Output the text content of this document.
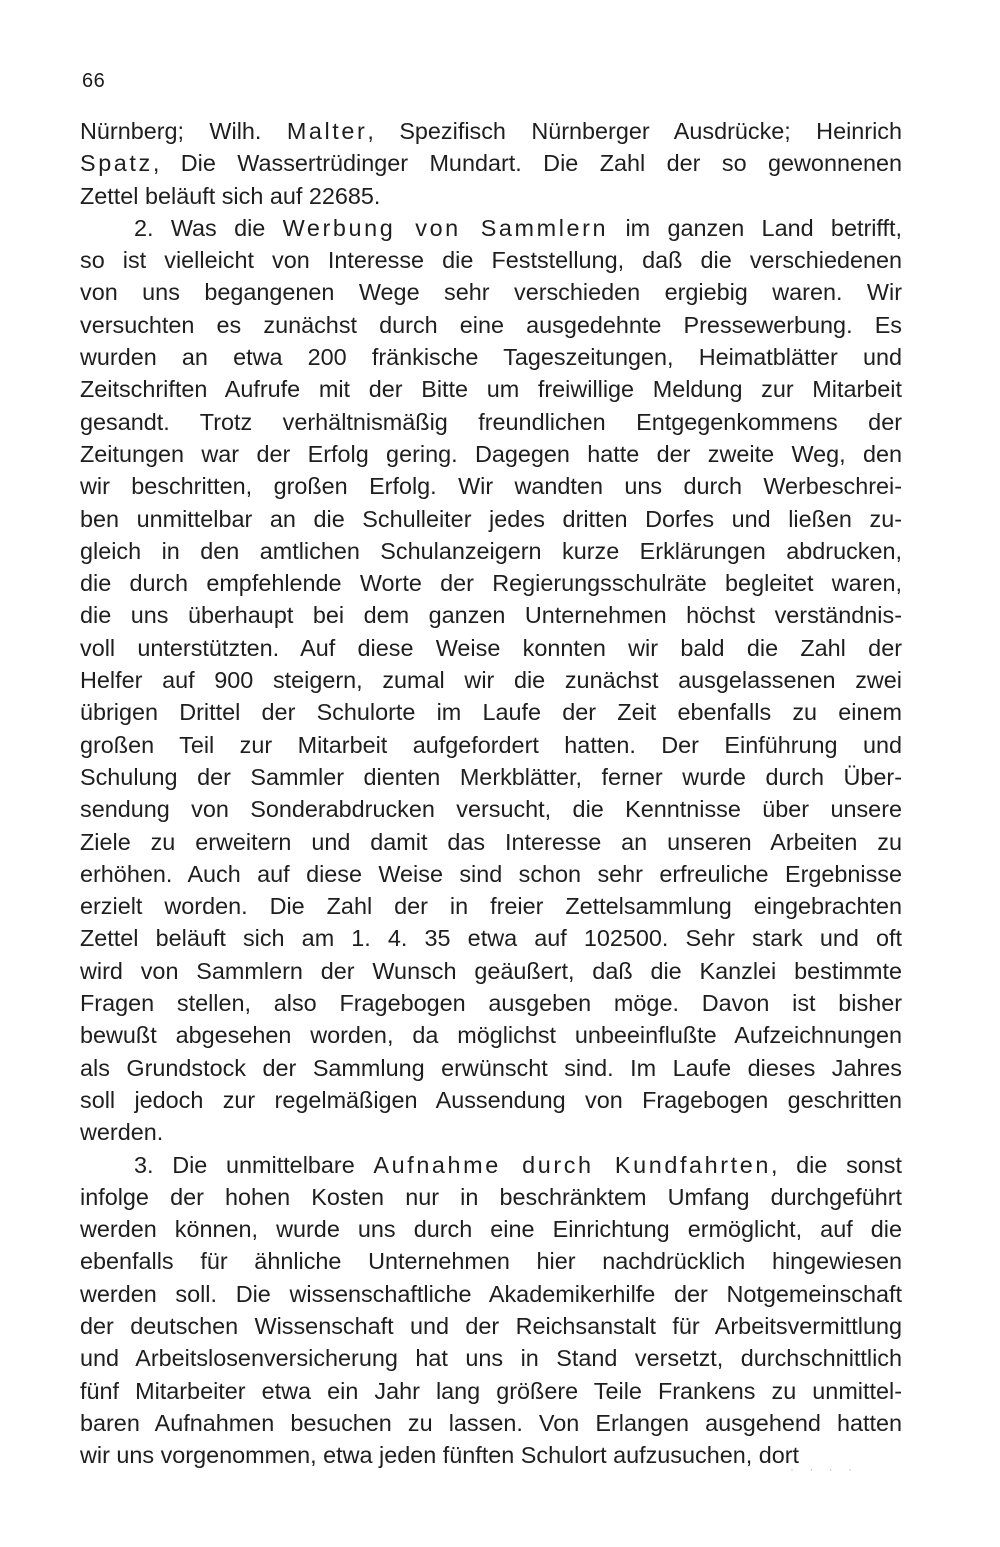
66
Nürnberg; Wilh. Malter, Spezifisch Nürnberger Ausdrücke; Heinrich
Spatz, Die Wassertrüdinger Mundart. Die Zahl der so gewonnenen
Zettel beläuft sich auf 22685.
2. Was die Werbung von Sammlern im ganzen Land betrifft,
so ist vielleicht von Interesse die Feststellung, daß die verschiedenen
von uns begangenen Wege sehr verschieden ergiebig waren. Wir
versuchten es zunächst durch eine ausgedehnte Pressewerbung. Es
wurden an etwa 200 fränkische Tageszeitungen, Heimatblätter und
Zeitschriften Aufrufe mit der Bitte um freiwillige Meldung zur Mitarbeit
gesandt. Trotz verhältnismäßig freundlichen Entgegenkommens der
Zeitungen war der Erfolg gering. Dagegen hatte der zweite Weg, den
wir beschritten, großen Erfolg. Wir wandten uns durch Werbeschrei-
ben unmittelbar an die Schulleiter jedes dritten Dorfes und ließen zu-
gleich in den amtlichen Schulanzeigern kurze Erklärungen abdrucken,
die durch empfehlende Worte der Regierungsschulräte begleitet waren,
die uns überhaupt bei dem ganzen Unternehmen höchst verständnis-
voll unterstützten. Auf diese Weise konnten wir bald die Zahl der
Helfer auf 900 steigern, zumal wir die zunächst ausgelassenen zwei
übrigen Drittel der Schulorte im Laufe der Zeit ebenfalls zu einem
großen Teil zur Mitarbeit aufgefordert hatten. Der Einführung und
Schulung der Sammler dienten Merkblätter, ferner wurde durch Über-
sendung von Sonderabdrucken versucht, die Kenntnisse über unsere
Ziele zu erweitern und damit das Interesse an unseren Arbeiten zu
erhöhen. Auch auf diese Weise sind schon sehr erfreuliche Ergebnisse
erzielt worden. Die Zahl der in freier Zettelsammlung eingebrachten
Zettel beläuft sich am 1. 4. 35 etwa auf 102500. Sehr stark und oft
wird von Sammlern der Wunsch geäußert, daß die Kanzlei bestimmte
Fragen stellen, also Fragebogen ausgeben möge. Davon ist bisher
bewußt abgesehen worden, da möglichst unbeeinflußte Aufzeichnungen
als Grundstock der Sammlung erwünscht sind. Im Laufe dieses Jahres
soll jedoch zur regelmäßigen Aussendung von Fragebogen geschritten
werden.
3. Die unmittelbare Aufnahme durch Kundfahrten, die sonst
infolge der hohen Kosten nur in beschränktem Umfang durchgeführt
werden können, wurde uns durch eine Einrichtung ermöglicht, auf die
ebenfalls für ähnliche Unternehmen hier nachdrücklich hingewiesen
werden soll. Die wissenschaftliche Akademikerhilfe der Notgemeinschaft
der deutschen Wissenschaft und der Reichsanstalt für Arbeitsvermittlung
und Arbeitslosenversicherung hat uns in Stand versetzt, durchschnittlich
fünf Mitarbeiter etwa ein Jahr lang größere Teile Frankens zu unmittel-
baren Aufnahmen besuchen zu lassen. Von Erlangen ausgehend hatten
wir uns vorgenommen, etwa jeden fünften Schulort aufzusuchen, dort
· · · ·
